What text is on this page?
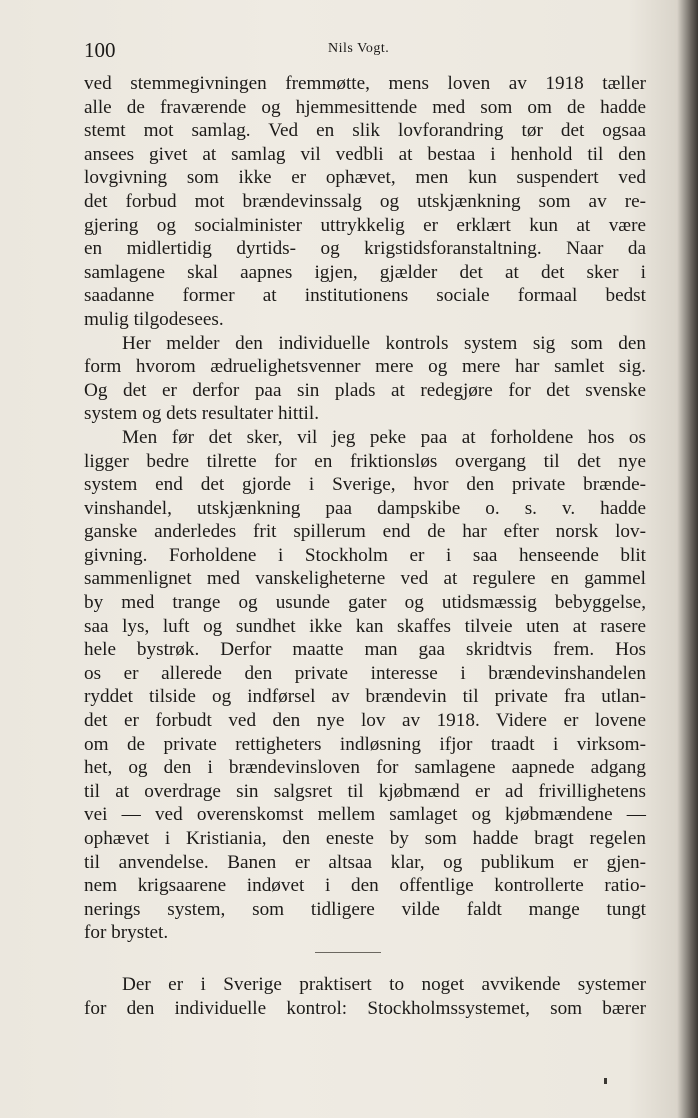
100	Nils Vogt.
ved stemmegivningen fremmøtte, mens loven av 1918 tæller
alle de fraværende og hjemmesittende med som om de hadde
stemt mot samlag. Ved en slik lovforandring tør det ogsaa
ansees givet at samlag vil vedbli at bestaa i henhold til den
lovgivning som ikke er ophævet, men kun suspendert ved
det forbud mot brændevinssalg og utskjænkning som av re-
gjering og socialminister uttrykkelig er erklært kun at være
en midlertidig dyrtids- og krigstidsforanstaltning. Naar da
samlagene skal aapnes igjen, gjælder det at det sker i
saadanne former at institutionens sociale formaal bedst
mulig tilgodesees.
Her melder den individuelle kontrols system sig som den
form hvorom ædruelighetsvenner mere og mere har samlet sig.
Og det er derfor paa sin plads at redegjøre for det svenske
system og dets resultater hittil.
Men før det sker, vil jeg peke paa at forholdene hos os
ligger bedre tilrette for en friktionsløs overgang til det nye
system end det gjorde i Sverige, hvor den private brænde-
vinshandel, utskjænkning paa dampskibe o. s. v. hadde
ganske anderledes frit spillerum end de har efter norsk lov-
givning. Forholdene i Stockholm er i saa henseende blit
sammenlignet med vanskeligheterne ved at regulere en gammel
by med trange og usunde gater og utidsmæssig bebyggelse,
saa lys, luft og sundhet ikke kan skaffes tilveie uten at rasere
hele bystrøk. Derfor maatte man gaa skridtvis frem. Hos
os er allerede den private interesse i brændevinshandelen
ryddet tilside og indførsel av brændevin til private fra utlan-
det er forbudt ved den nye lov av 1918. Videre er lovene
om de private rettigheters indløsning ifjor traadt i virksom-
het, og den i brændevinsloven for samlagene aapnede adgang
til at overdrage sin salgsret til kjøbmænd er ad frivillighetens
vei — ved overenskomst mellem samlaget og kjøbmændene —
ophævet i Kristiania, den eneste by som hadde bragt regelen
til anvendelse. Banen er altsaa klar, og publikum er gjen-
nem krigsaarene indøvet i den offentlige kontrollerte ratio-
nerings system, som tidligere vilde faldt mange tungt
for brystet.
Der er i Sverige praktisert to noget avvikende systemer
for den individuelle kontrol: Stockholmssystemet, som bærer
